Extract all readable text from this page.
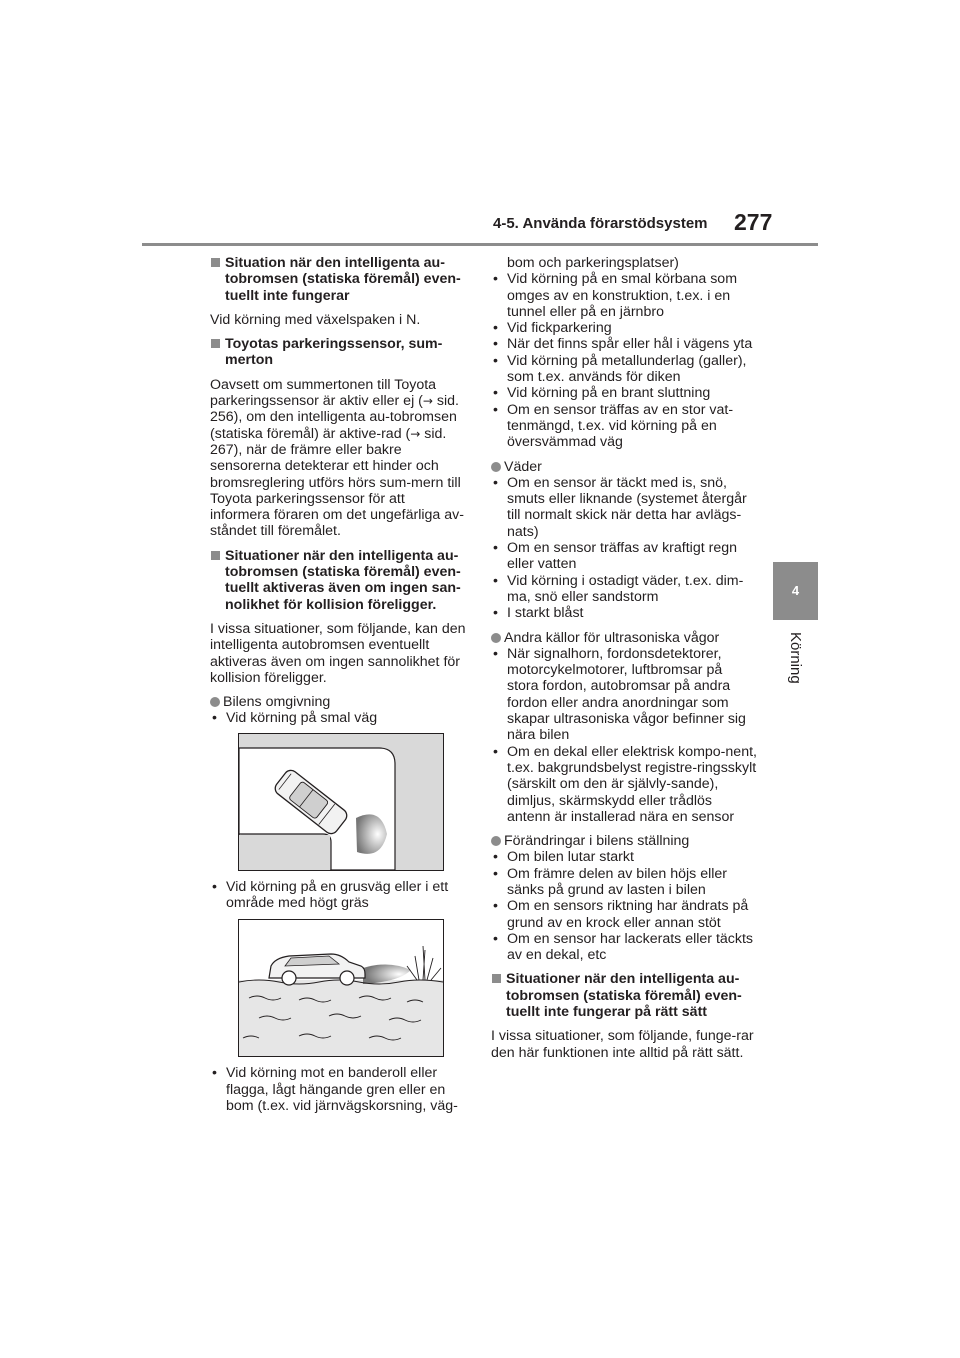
4-5. Använda förarstödsystem 277
4
Körning
Situation när den intelligenta au-tobromsen (statiska föremål) even-tuellt inte fungerar

Vid körning med växelspaken i N.

Toyotas parkeringssensor, sum-merton

Oavsett om summertonen till Toyota parkeringssensor är aktiv eller ej (→ sid. 256), om den intelligenta au-tobromsen (statiska föremål) är aktive-rad (→ sid. 267), när de främre eller bakre sensorerna detekterar ett hinder och bromsreglering utförs hörs sum-mern till Toyota parkeringssensor för att informera föraren om det ungefärliga av-ståndet till föremålet.

Situationer när den intelligenta au-tobromsen (statiska föremål) even-tuellt aktiveras även om ingen san-nolikhet för kollision föreligger.

I vissa situationer, som följande, kan den intelligenta autobromsen eventuellt aktiveras även om ingen sannolikhet för kollision föreligger.

Bilens omgivning
• Vid körning på smal väg
• Vid körning på en grusväg eller i ett område med högt gräs
• Vid körning mot en banderoll eller flagga, lågt hängande gren eller en bom (t.ex. vid järnvägskorsning, väg-
bom och parkeringsplatser)
• Vid körning på en smal körbana som omges av en konstruktion, t.ex. i en tunnel eller på en järnbro
• Vid fickparkering
• När det finns spår eller hål i vägens yta
• Vid körning på metallunderlag (galler), som t.ex. används för diken
• Vid körning på en brant sluttning
• Om en sensor träffas av en stor vat-tenmängd, t.ex. vid körning på en översvämmad väg
Väder
• Om en sensor är täckt med is, snö, smuts eller liknande (systemet återgår till normalt skick när detta har avlägs-nats)
• Om en sensor träffas av kraftigt regn eller vatten
• Vid körning i ostadigt väder, t.ex. dim-ma, snö eller sandstorm
• I starkt blåst
Andra källor för ultrasoniska vågor
• När signalhorn, fordonsdetektorer, motorcykelmotorer, luftbromsar på stora fordon, autobromsar på andra fordon eller andra anordningar som skapar ultrasoniska vågor befinner sig nära bilen
• Om en dekal eller elektrisk kompo-nent, t.ex. bakgrundsbelyst registre-ringsskylt (särskilt om den är självly-sande), dimljus, skärmskydd eller trådlös antenn är installerad nära en sensor
Förändringar i bilens ställning
• Om bilen lutar starkt
• Om främre delen av bilen höjs eller sänks på grund av lasten i bilen
• Om en sensors riktning har ändrats på grund av en krock eller annan stöt
• Om en sensor har lackerats eller täckts av en dekal, etc
Situationer när den intelligenta au-tobromsen (statiska föremål) even-tuellt inte fungerar på rätt sätt

I vissa situationer, som följande, funge-rar den här funktionen inte alltid på rätt sätt.
